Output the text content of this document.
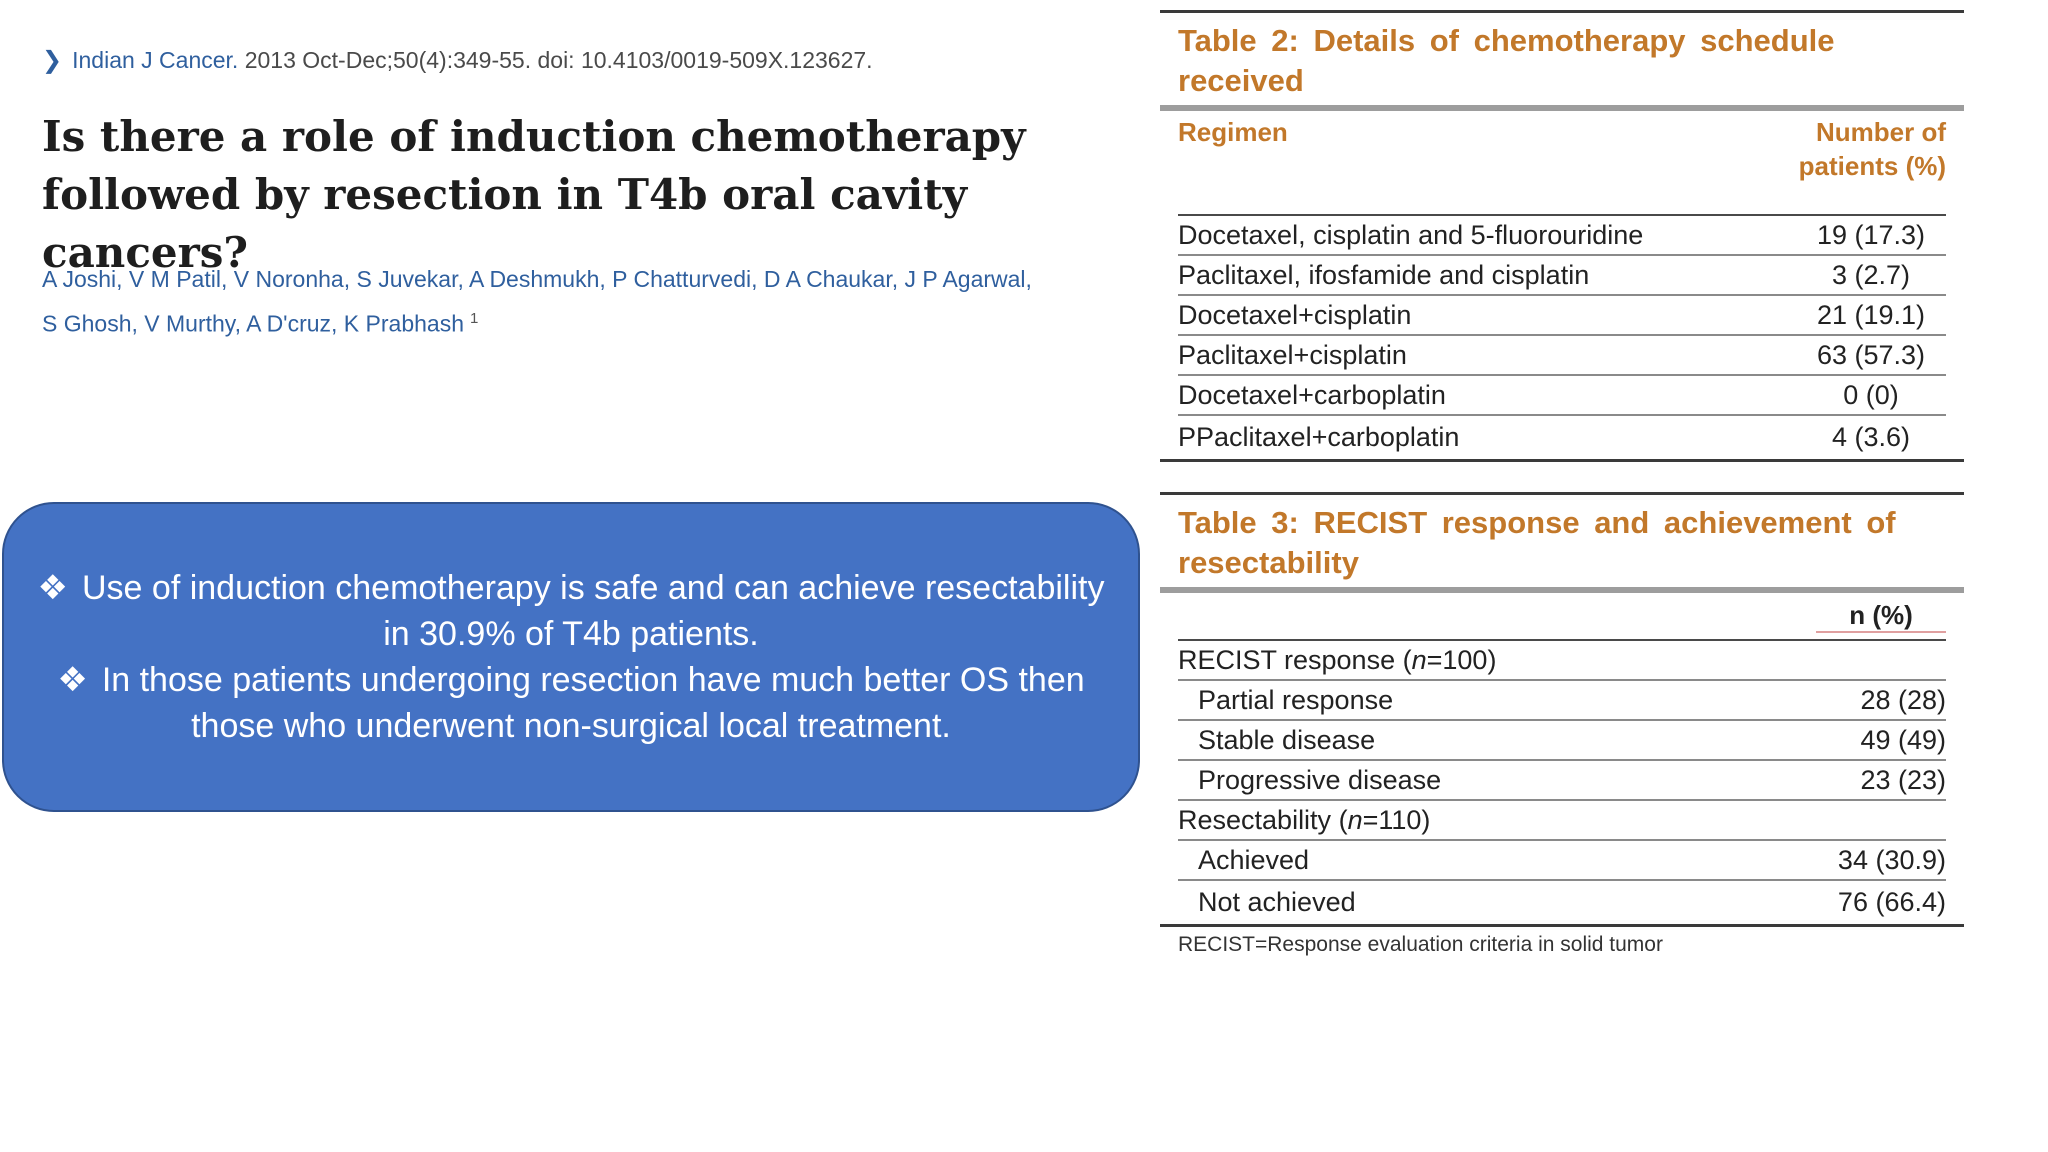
❯ Indian J Cancer. 2013 Oct-Dec;50(4):349-55. doi: 10.4103/0019-509X.123627.
Is there a role of induction chemotherapy followed by resection in T4b oral cavity cancers?
A Joshi, V M Patil, V Noronha, S Juvekar, A Deshmukh, P Chatturvedi, D A Chaukar, J P Agarwal,
S Ghosh, V Murthy, A D'cruz, K Prabhash $^1$
❖ Use of induction chemotherapy is safe and can achieve resectability in 30.9% of T4b patients.
❖ In those patients undergoing resection have much better OS then those who underwent non-surgical local treatment.
Table 2: Details of chemotherapy schedule received
Regimen	Number of
patients (%)
Docetaxel, cisplatin and 5-fluorouridine	19 (17.3)
Paclitaxel, ifosfamide and cisplatin	3 (2.7)
Docetaxel+cisplatin	21 (19.1)
Paclitaxel+cisplatin	63 (57.3)
Docetaxel+carboplatin	0 (0)
PPaclitaxel+carboplatin	4 (3.6)
Table 3: RECIST response and achievement of resectability
n (%)
RECIST response (n=100)
Partial response	28 (28)
Stable disease	49 (49)
Progressive disease	23 (23)
Resectability (n=110)
Achieved	34 (30.9)
Not achieved	76 (66.4)
RECIST=Response evaluation criteria in solid tumor
